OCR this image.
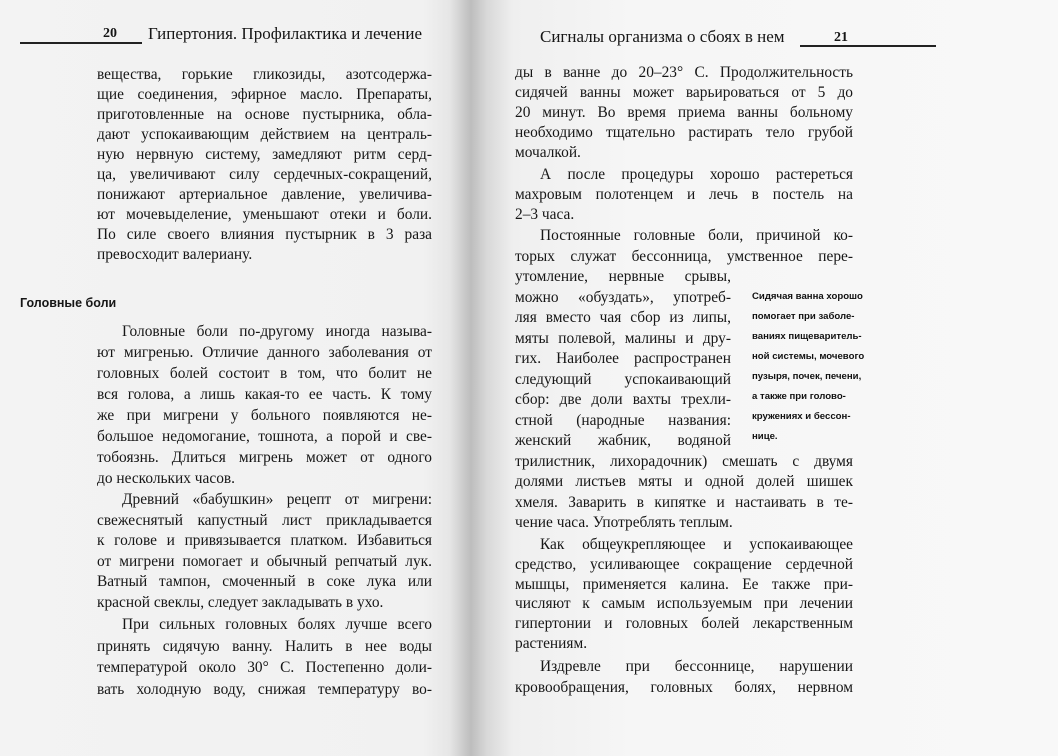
20 Гипертония. Профилактика и лечение
Головные боли
вещества, горькие гликозиды, азотсодержа-
щие соединения, эфирное масло. Препараты,
приготовленные на основе пустырника, обла-
дают успокаивающим действием на централь-
ную нервную систему, замедляют ритм серд-
ца, увеличивают силу сердечных-сокращений,
понижают артериальное давление, увеличива-
ют мочевыделение, уменьшают отеки и боли.
По силе своего влияния пустырник в 3 раза
превосходит валериану.
Головные боли по-другому иногда называ-
ют мигренью. Отличие данного заболевания от
головных болей состоит в том, что болит не
вся голова, а лишь какая-то ее часть. К тому
же при мигрени у больного появляются не-
большое недомогание, тошнота, а порой и све-
тобоязнь. Длиться мигрень может от одного
до нескольких часов.
Древний «бабушкин» рецепт от мигрени:
свежеснятый капустный лист прикладывается
к голове и привязывается платком. Избавиться
от мигрени помогает и обычный репчатый лук.
Ватный тампон, смоченный в соке лука или
красной свеклы, следует закладывать в ухо.
При сильных головных болях лучше всего
принять сидячую ванну. Налить в нее воды
температурой около 30° С. Постепенно доли-
вать холодную воду, снижая температуру во-
Сигналы организма о сбоях в нем	21
ды в ванне до 20–23° С. Продолжительность
сидячей ванны может варьироваться от 5 до
20 минут. Во время приема ванны больному
необходимо тщательно растирать тело грубой
мочалкой.
А после процедуры хорошо растереться
махровым полотенцем и лечь в постель на
2–3 часа.
Постоянные головные боли, причиной ко-
торых служат бессонница, умственное пере-
утомление, нервные срывы,
можно «обуздать», употреб-
ляя вместо чая сбор из липы,
мяты полевой, малины и дру-
гих. Наиболее распространен
следующий успокаивающий
сбор: две доли вахты трехли-
стной (народные названия:
женский жабник, водяной
трилистник, лихорадочник) смешать с двумя
долями листьев мяты и одной долей шишек
хмеля. Заварить в кипятке и настаивать в те-
чение часа. Употреблять теплым.
Как общеукрепляющее и успокаивающее
средство, усиливающее сокращение сердечной
мышцы, применяется калина. Ее также при-
числяют к самым используемым при лечении
гипертонии и головных болей лекарственным
растениям.
Издревле при бессоннице, нарушении
кровообращения, головных болях, нервном
Сидячая ванна хорошо
помогает при заболе-
ваниях пищеваритель-
ной системы, мочевого
пузыря, почек, печени,
а также при голово-
кружениях и бессон-
нице.
